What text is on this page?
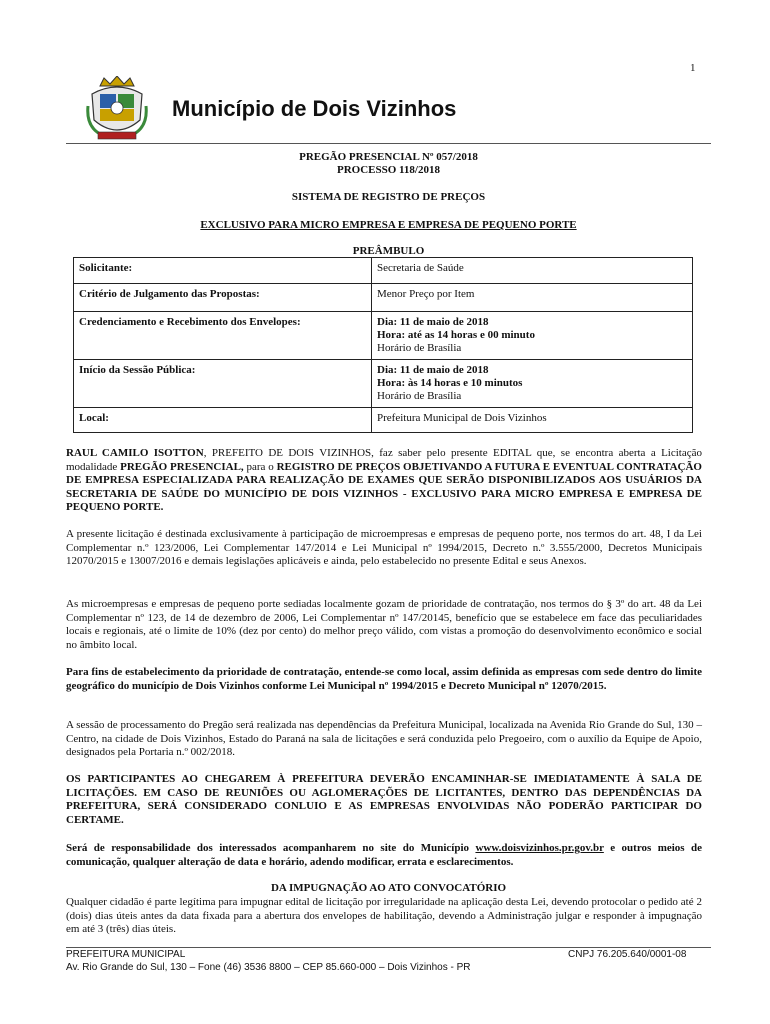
1
Município de Dois Vizinhos
PREGÃO PRESENCIAL Nº 057/2018
PROCESSO 118/2018
SISTEMA DE REGISTRO DE PREÇOS
EXCLUSIVO PARA MICRO EMPRESA E EMPRESA DE PEQUENO PORTE
PREÂMBULO
Solicitante:	Secretaria de Saúde
Critério de Julgamento das Propostas:	Menor Preço por Item
Credenciamento e Recebimento dos Envelopes:	Dia: 11 de maio de 2018
Hora: até as 14 horas e 00 minuto
Horário de Brasília

Início da Sessão Pública:	Dia: 11 de maio de 2018
Hora: às 14 horas e 10 minutos
Horário de Brasília

Local:	Prefeitura Municipal de Dois Vizinhos
RAUL CAMILO ISOTTON, PREFEITO DE DOIS VIZINHOS, faz saber pelo presente EDITAL que, se encontra aberta a Licitação modalidade PREGÃO PRESENCIAL, para o REGISTRO DE PREÇOS OBJETIVANDO A FUTURA E EVENTUAL CONTRATAÇÃO DE EMPRESA ESPECIALIZADA PARA REALIZAÇÃO DE EXAMES QUE SERÃO DISPONIBILIZADOS AOS USUÁRIOS DA SECRETARIA DE SAÚDE DO MUNICÍPIO DE DOIS VIZINHOS - EXCLUSIVO PARA MICRO EMPRESA E EMPRESA DE PEQUENO PORTE.
A presente licitação é destinada exclusivamente à participação de microempresas e empresas de pequeno porte, nos termos do art. 48, I da Lei Complementar n.º 123/2006, Lei Complementar 147/2014 e Lei Municipal nº 1994/2015, Decreto n.º 3.555/2000, Decretos Municipais 12070/2015 e 13007/2016 e demais legislações aplicáveis e ainda, pelo estabelecido no presente Edital e seus Anexos.
As microempresas e empresas de pequeno porte sediadas localmente gozam de prioridade de contratação, nos termos do § 3º do art. 48 da Lei Complementar nº 123, de 14 de dezembro de 2006, Lei Complementar nº 147/20145, benefício que se estabelece em face das peculiaridades locais e regionais, até o limite de 10% (dez por cento) do melhor preço válido, com vistas a promoção do desenvolvimento econômico e social no âmbito local.
Para fins de estabelecimento da prioridade de contratação, entende-se como local, assim definida as empresas com sede dentro do limite geográfico do município de Dois Vizinhos conforme Lei Municipal nº 1994/2015 e Decreto Municipal nº 12070/2015.
A sessão de processamento do Pregão será realizada nas dependências da Prefeitura Municipal, localizada na Avenida Rio Grande do Sul, 130 – Centro, na cidade de Dois Vizinhos, Estado do Paraná na sala de licitações e será conduzida pelo Pregoeiro, com o auxílio da Equipe de Apoio, designados pela Portaria n.º 002/2018.
OS PARTICIPANTES AO CHEGAREM À PREFEITURA DEVERÃO ENCAMINHAR-SE IMEDIATAMENTE À SALA DE LICITAÇÕES. EM CASO DE REUNIÕES OU AGLOMERAÇÕES DE LICITANTES, DENTRO DAS DEPENDÊNCIAS DA PREFEITURA, SERÁ CONSIDERADO CONLUIO E AS EMPRESAS ENVOLVIDAS NÃO PODERÃO PARTICIPAR DO CERTAME.
Será de responsabilidade dos interessados acompanharem no site do Município www.doisvizinhos.pr.gov.br e outros meios de comunicação, qualquer alteração de data e horário, adendo modificar, errata e esclarecimentos.
DA IMPUGNAÇÃO AO ATO CONVOCATÓRIO
Qualquer cidadão é parte legítima para impugnar edital de licitação por irregularidade na aplicação desta Lei, devendo protocolar o pedido até 2 (dois) dias úteis antes da data fixada para a abertura dos envelopes de habilitação, devendo a Administração julgar e responder à impugnação em até 3 (três) dias úteis.
PREFEITURA MUNICIPAL	CNPJ 76.205.640/0001-08
Av. Rio Grande do Sul, 130 – Fone (46) 3536 8800 – CEP 85.660-000 – Dois Vizinhos - PR
